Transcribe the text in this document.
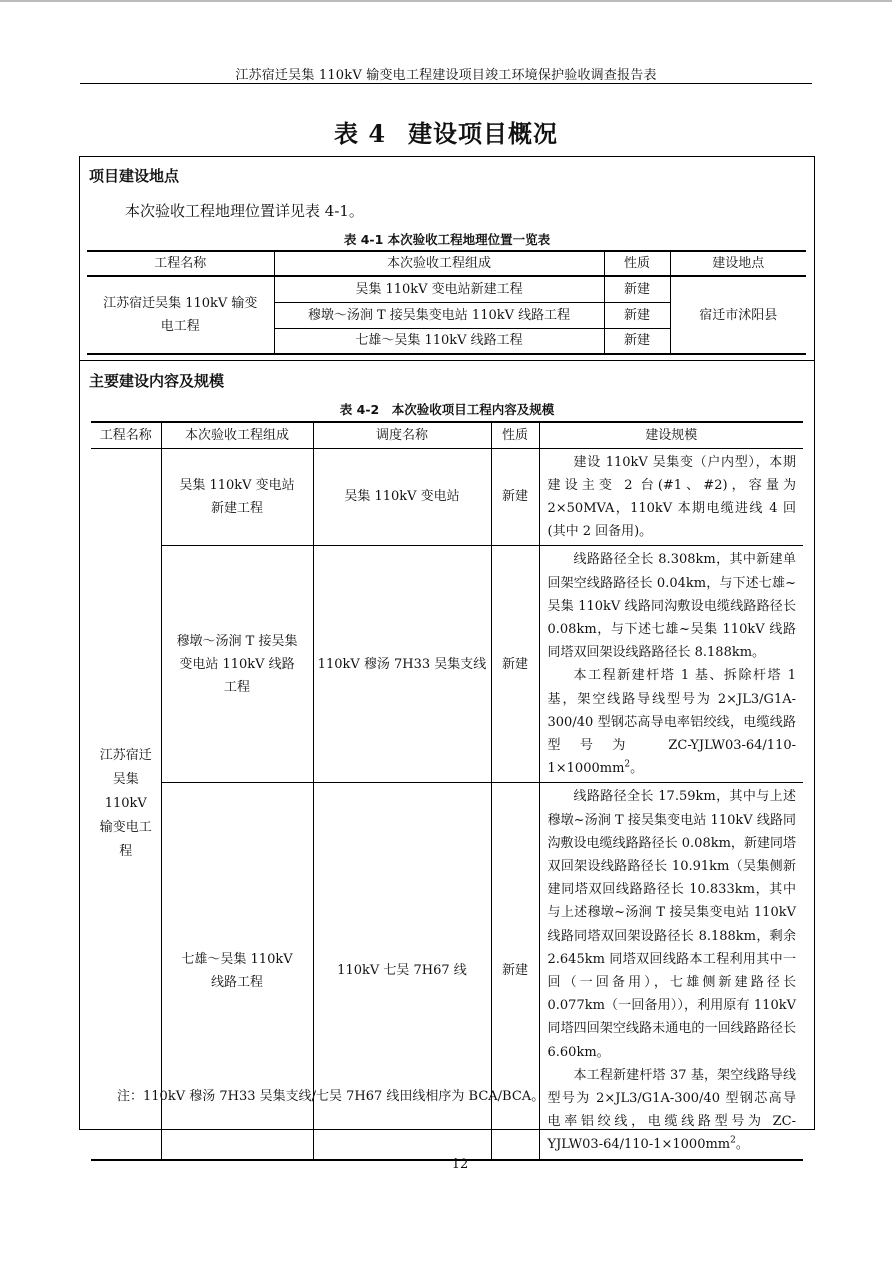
江苏宿迁吴集 110kV 输变电工程建设项目竣工环境保护验收调查报告表
表 4 建设项目概况
项目建设地点
本次验收工程地理位置详见表 4-1。
表 4-1 本次验收工程地理位置一览表
工程名称	本次验收工程组成	性质	建设地点
江苏宿迁吴集 110kV 输变电工程	吴集 110kV 变电站新建工程	新建	宿迁市沭阳县
	穆墩～汤涧 T 接吴集变电站 110kV 线路工程	新建	
	七雄～吴集 110kV 线路工程	新建	
主要建设内容及规模
表 4-2　本次验收项目工程内容及规模
工程名称	本次验收工程组成	调度名称	性质	建设规模
江苏宿迁吴集 110kV 输变电工程	吴集 110kV 变电站新建工程	吴集 110kV 变电站	新建	建设 110kV 吴集变（户内型），本期建设主变 2 台(#1、#2)，容量为 2×50MVA，110kV 本期电缆进线 4 回(其中 2 回备用)。

	穆墩～汤涧 T 接吴集变电站 110kV 线路工程	110kV 穆汤 7H33 吴集支线	新建	线路路径全长 8.308km，其中新建单回架空线路路径长 0.04km，与下述七雄~吴集 110kV 线路同沟敷设电缆线路路径长 0.08km，与下述七雄~吴集 110kV 线路同塔双回架设线路路径长 8.188km。

本工程新建杆塔 1 基、拆除杆塔 1 基，架空线路导线型号为 2×JL3/G1A-300/40 型钢芯高导电率铝绞线，电缆线路型号为 $ZC-YJLW03-64/110-1\times 1000mm^2$。

	七雄～吴集 110kV 线路工程	110kV 七吴 7H67 线	新建	线路路径全长 17.59km，其中与上述穆墩~汤涧 T 接吴集变电站 110kV 线路同沟敷设电缆线路路径长 0.08km，新建同塔双回架设线路路径长 10.91km（吴集侧新建同塔双回线路路径长 10.833km，其中与上述穆墩~汤涧 T 接吴集变电站 110kV 线路同塔双回架设路径长 8.188km，剩余 2.645km 同塔双回线路本工程利用其中一回（一回备用），七雄侧新建路径长 0.077km（一回备用）），利用原有 110kV 同塔四回架空线路未通电的一回线路路径长 6.60km。

本工程新建杆塔 37 基，架空线路导线型号为 2×JL3/G1A-300/40 型钢芯高导电率铝绞线，电缆线路型号为 $ZC-YJLW03-64/110-1\times 1000mm^2$。

注：110kV 穆汤 7H33 吴集支线/七吴 7H67 线田线相序为 BCA/BCA。
12
